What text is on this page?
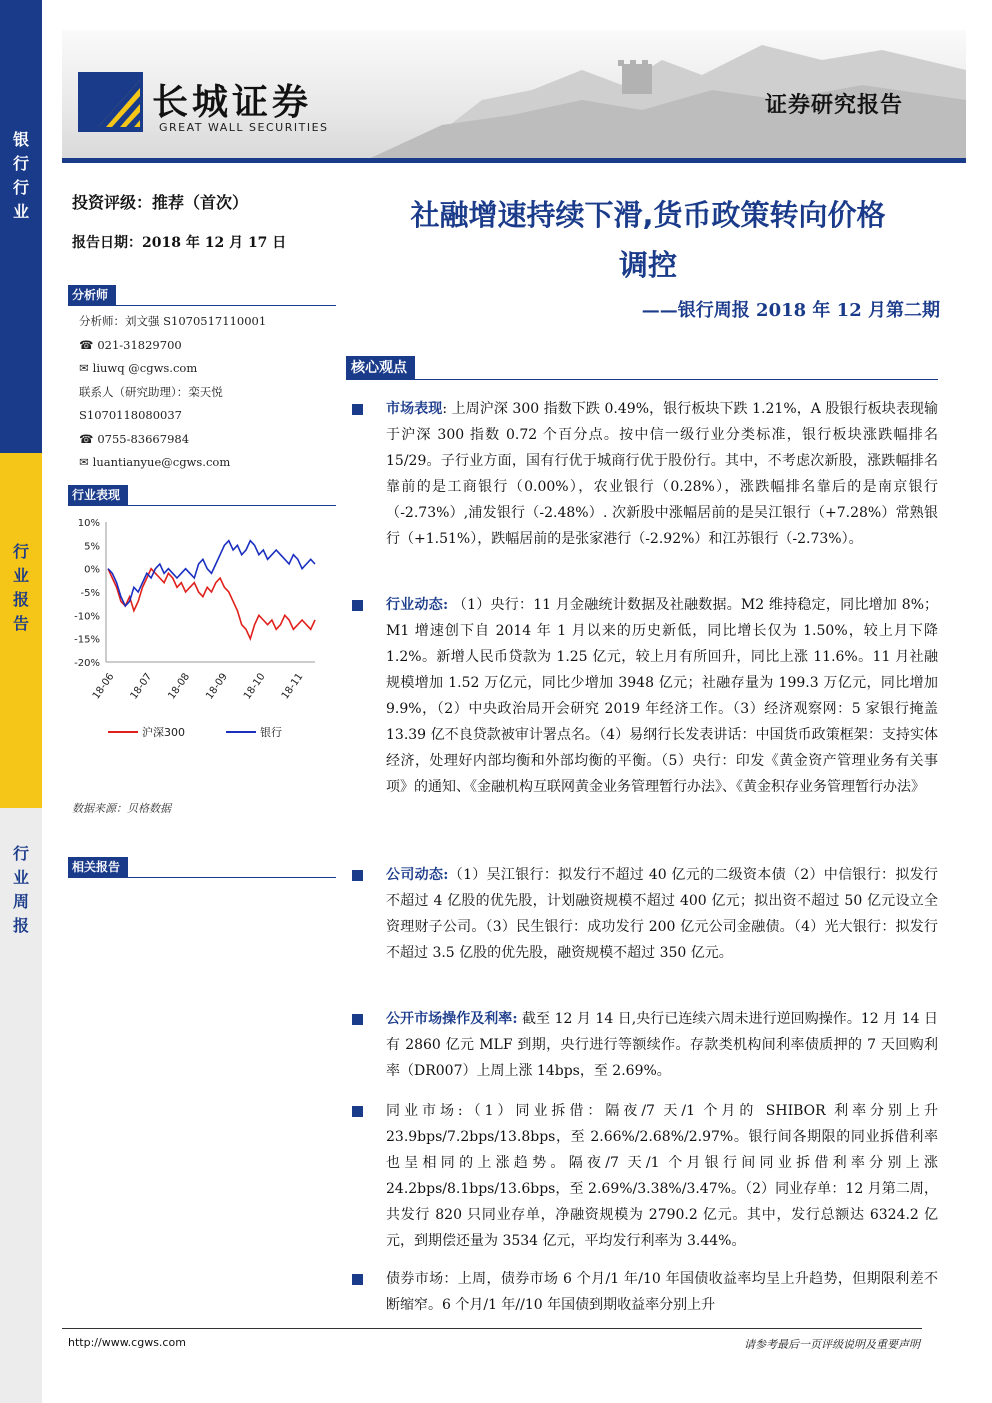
银
行
行
业
行
业
报
告
行
业
周
报
长城证券
GREAT WALL SECURITIES
证券研究报告
投资评级：推荐（首次）
报告日期：2018 年 12 月 17 日
分析师
分析师：刘文强 S1070517110001
☎ 021-31829700
✉ liuwq @cgws.com
联系人（研究助理）：栾天悦
S1070118080037
☎ 0755-83667984
✉ luantianyue@cgws.com
行业表现
10%
5%
0%
-5%
-10%
-15%
-20%
18-06 18-07 18-08 18-09 18-10 18-11
沪深300	银行
数据来源：贝格数据
相关报告
社融增速持续下滑,货币政策转向价格
调控
——银行周报 2018 年 12 月第二期
核心观点
市场表现: 上周沪深 300 指数下跌 0.49%，银行板块下跌 1.21%，A 股银行板块表现输于沪深 300 指数 0.72 个百分点。按中信一级行业分类标准，银行板块涨跌幅排名 15/29。子行业方面，国有行优于城商行优于股份行。其中，不考虑次新股，涨跌幅排名靠前的是工商银行（0.00%），农业银行（0.28%），涨跌幅排名靠后的是南京银行（-2.73%）,浦发银行（-2.48%）. 次新股中涨幅居前的是吴江银行（+7.28%）常熟银行（+1.51%），跌幅居前的是张家港行（-2.92%）和江苏银行（-2.73%）。
行业动态: （1）央行：11 月金融统计数据及社融数据。M2 维持稳定，同比增加 8%；M1 增速创下自 2014 年 1 月以来的历史新低，同比增长仅为 1.50%，较上月下降 1.2%。新增人民币贷款为 1.25 亿元，较上月有所回升，同比上涨 11.6%。11 月社融规模增加 1.52 万亿元，同比少增加 3948 亿元；社融存量为 199.3 万亿元，同比增加 9.9%，（2）中央政治局开会研究 2019 年经济工作。（3）经济观察网：5 家银行掩盖 13.39 亿不良贷款被审计署点名。（4）易纲行长发表讲话：中国货币政策框架：支持实体经济，处理好内部均衡和外部均衡的平衡。（5）央行：印发《黄金资产管理业务有关事项》的通知、《金融机构互联网黄金业务管理暂行办法》、《黄金积存业务管理暂行办法》
公司动态:（1）吴江银行：拟发行不超过 40 亿元的二级资本债（2）中信银行：拟发行不超过 4 亿股的优先股，计划融资规模不超过 400 亿元；拟出资不超过 50 亿元设立全资理财子公司。（3）民生银行：成功发行 200 亿元公司金融债。（4）光大银行：拟发行不超过 3.5 亿股的优先股，融资规模不超过 350 亿元。
公开市场操作及利率: 截至 12 月 14 日,央行已连续六周未进行逆回购操作。12 月 14 日有 2860 亿元 MLF 到期，央行进行等额续作。存款类机构间利率债质押的 7 天回购利率（DR007）上周上涨 14bps，至 2.69%。
同业市场:（1）同业拆借：隔夜/7 天/1 个月的 SHIBOR 利率分别上升 23.9bps/7.2bps/13.8bps，至 2.66%/2.68%/2.97%。银行间各期限的同业拆借利率也呈相同的上涨趋势。隔夜/7 天/1 个月银行间同业拆借利率分别上涨 24.2bps/8.1bps/13.6bps，至 2.69%/3.38%/3.47%。（2）同业存单：12 月第二周，共发行 820 只同业存单，净融资规模为 2790.2 亿元。其中，发行总额达 6324.2 亿元，到期偿还量为 3534 亿元，平均发行利率为 3.44%。
债券市场：上周，债券市场 6 个月/1 年/10 年国债收益率均呈上升趋势，但期限利差不断缩窄。6 个月/1 年//10 年国债到期收益率分别上升
http://www.cgws.com	请参考最后一页评级说明及重要声明
